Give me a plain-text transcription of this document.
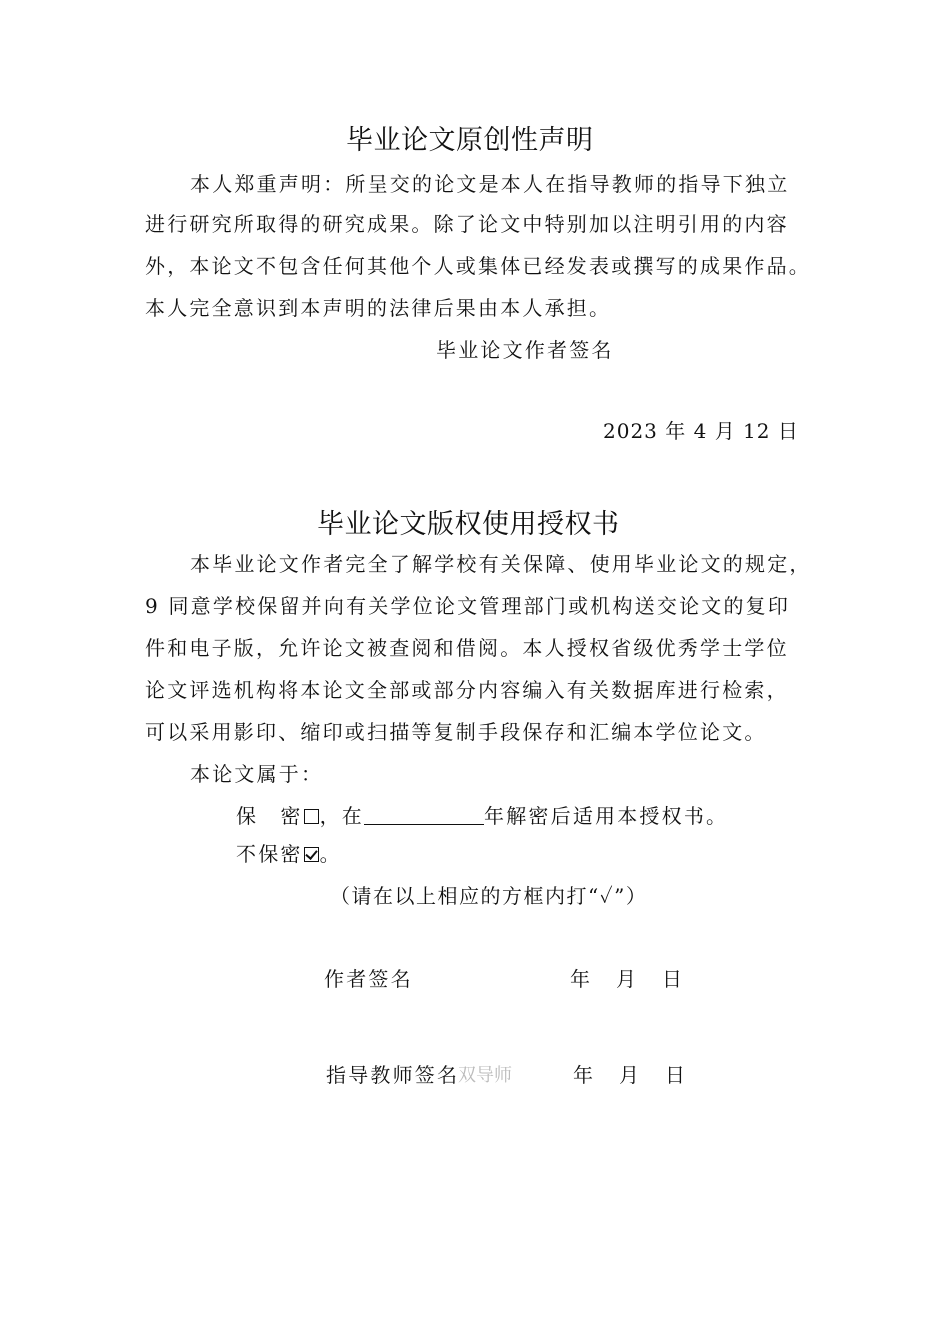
毕业论文原创性声明
本人郑重声明：所呈交的论文是本人在指导教师的指导下独立
进行研究所取得的研究成果。除了论文中特别加以注明引用的内容
外，本论文不包含任何其他个人或集体已经发表或撰写的成果作品。
本人完全意识到本声明的法律后果由本人承担。
毕业论文作者签名
2023 年 4 月 12 日
毕业论文版权使用授权书
本毕业论文作者完全了解学校有关保障、使用毕业论文的规定，
9 同意学校保留并向有关学位论文管理部门或机构送交论文的复印
件和电子版，允许论文被查阅和借阅。本人授权省级优秀学士学位
论文评选机构将本论文全部或部分内容编入有关数据库进行检索，
可以采用影印、缩印或扫描等复制手段保存和汇编本学位论文。
本论文属于：
保　密 ，在	年解密后适用本授权书。
不保密 。
（请在以上相应的方框内打“✓”）
作者签名	年　月　日
指导教师签名
双导师	年　月　日
